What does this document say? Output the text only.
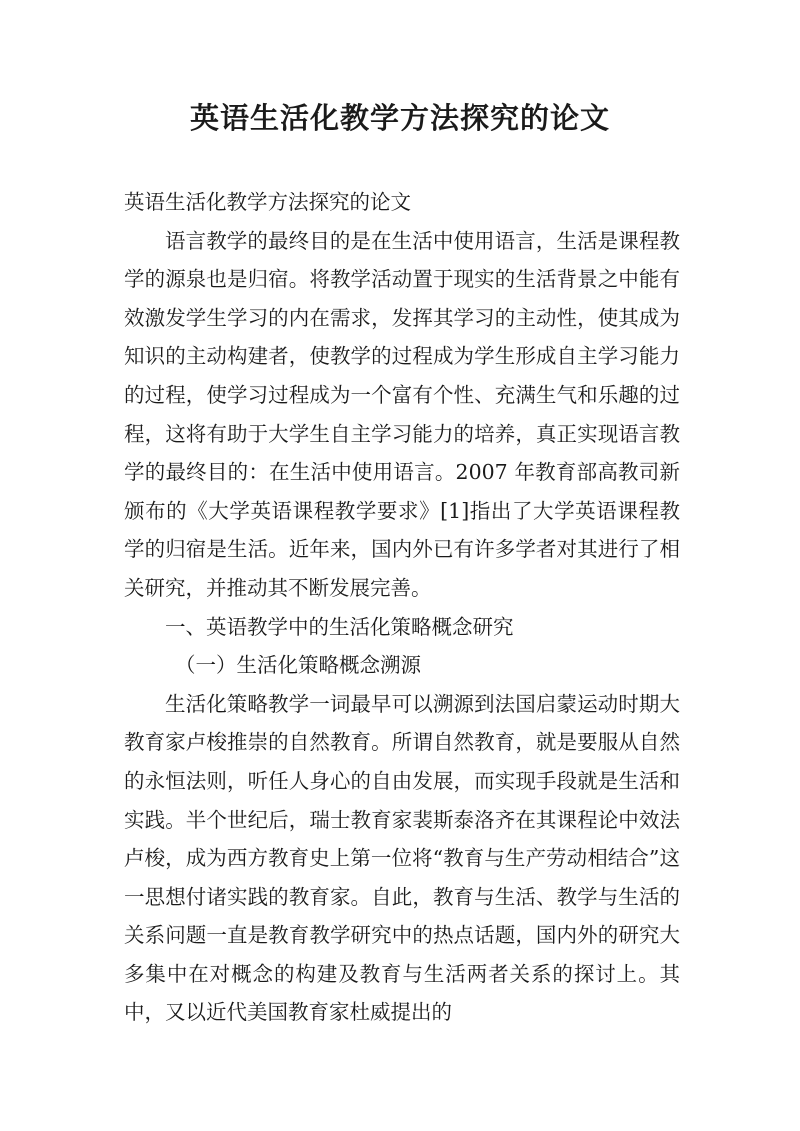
英语生活化教学方法探究的论文

英语生活化教学方法探究的论文

语言教学的最终目的是在生活中使用语言，生活是课程教学的源泉也是归宿。将教学活动置于现实的生活背景之中能有效激发学生学习的内在需求，发挥其学习的主动性，使其成为知识的主动构建者，使教学的过程成为学生形成自主学习能力的过程，使学习过程成为一个富有个性、充满生气和乐趣的过程，这将有助于大学生自主学习能力的培养，真正实现语言教学的最终目的：在生活中使用语言。2007 年教育部高教司新颁布的《大学英语课程教学要求》[1]指出了大学英语课程教学的归宿是生活。近年来，国内外已有许多学者对其进行了相关研究，并推动其不断发展完善。

一、英语教学中的生活化策略概念研究

（一）生活化策略概念溯源

生活化策略教学一词最早可以溯源到法国启蒙运动时期大教育家卢梭推崇的自然教育。所谓自然教育，就是要服从自然的永恒法则，听任人身心的自由发展，而实现手段就是生活和实践。半个世纪后，瑞士教育家裴斯泰洛齐在其课程论中效法卢梭，成为西方教育史上第一位将“教育与生产劳动相结合”这一思想付诸实践的教育家。自此，教育与生活、教学与生活的关系问题一直是教育教学研究中的热点话题，国内外的研究大多集中在对概念的构建及教育与生活两者关系的探讨上。其中，又以近代美国教育家杜威提出的
